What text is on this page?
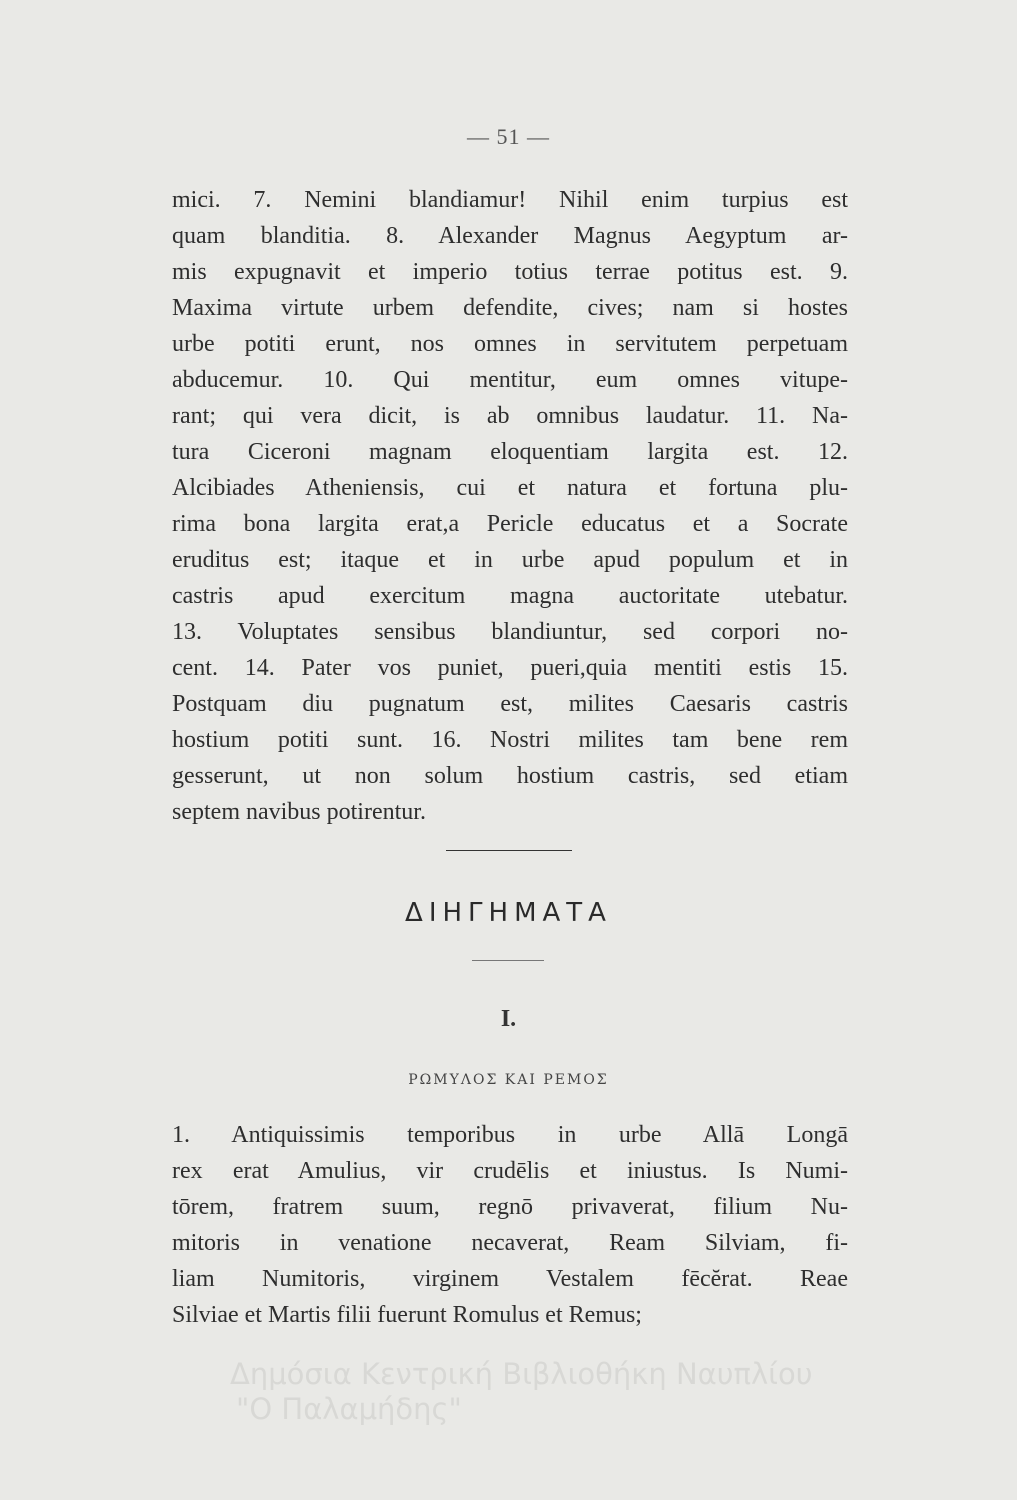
— 51 —
mici. 7. Nemini blandiamur! Nihil enim turpius est
quam blanditia. 8. Alexander Magnus Aegyptum ar-
mis expugnavit et imperio totius terrae potitus est. 9.
Maxima virtute urbem defendite, cives; nam si hostes
urbe potiti erunt, nos omnes in servitutem perpetuam
abducemur. 10. Qui mentitur, eum omnes vitupe-
rant; qui vera dicit, is ab omnibus laudatur. 11. Na-
tura Ciceroni magnam eloquentiam largita est. 12.
Alcibiades Atheniensis, cui et natura et fortuna plu-
rima bona largita erat,a Pericle educatus et a Socrate
eruditus est; itaque et in urbe apud populum et in
castris apud exercitum magna auctoritate utebatur.
13. Voluptates sensibus blandiuntur, sed corpori no-
cent. 14. Pater vos puniet, pueri,quia mentiti estis 15.
Postquam diu pugnatum est, milites Caesaris castris
hostium potiti sunt. 16. Nostri milites tam bene rem
gesserunt, ut non solum hostium castris, sed etiam
septem navibus potirentur.
ΔΙΗΓΗΜΑΤΑ
I.
ΡΩΜΥΛΟΣ ΚΑΙ ΡΕΜΟΣ
1. Antiquissimis temporibus in urbe Allā Longā
rex erat Amulius, vir crudēlis et iniustus. Is Numi-
tōrem, fratrem suum, regnō privaverat, filium Nu-
mitoris in venatione necaverat, Ream Silviam, fi-
liam Numitoris, virginem Vestalem fēcĕrat. Reae
Silviae et Martis filii fuerunt Romulus et Remus;
Δημόσια Κεντρική Βιβλιοθήκη Ναυπλίου
"Ο Παλαμήδης"
